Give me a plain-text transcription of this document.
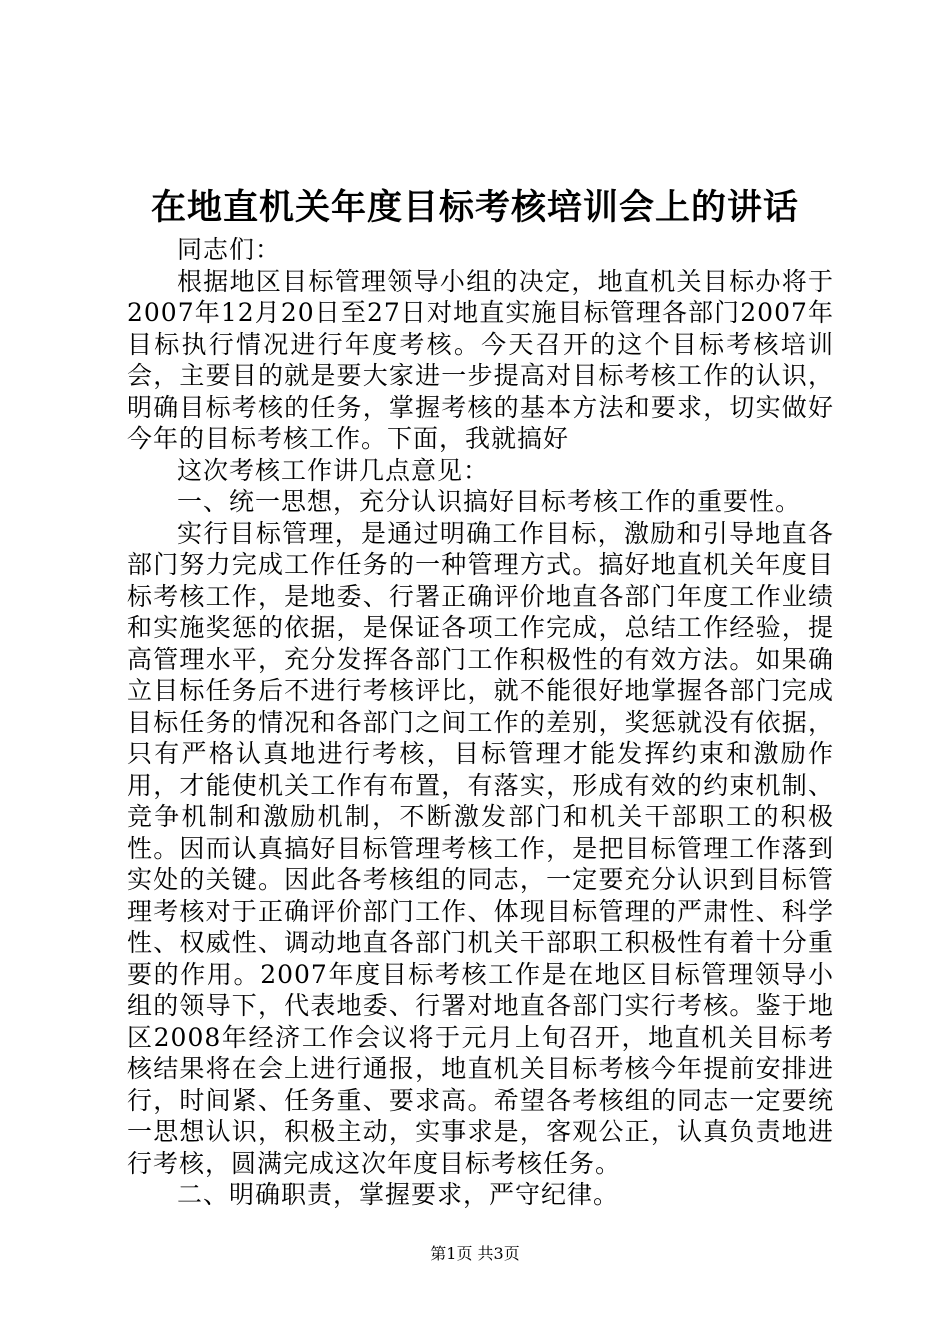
在地直机关年度目标考核培训会上的讲话

同志们：

根据地区目标管理领导小组的决定，地直机关目标办将于2007年12月20日至27日对地直实施目标管理各部门2007年目标执行情况进行年度考核。今天召开的这个目标考核培训会，主要目的就是要大家进一步提高对目标考核工作的认识，明确目标考核的任务，掌握考核的基本方法和要求，切实做好今年的目标考核工作。下面，我就搞好

这次考核工作讲几点意见：

一、统一思想，充分认识搞好目标考核工作的重要性。

实行目标管理，是通过明确工作目标，激励和引导地直各部门努力完成工作任务的一种管理方式。搞好地直机关年度目标考核工作，是地委、行署正确评价地直各部门年度工作业绩和实施奖惩的依据，是保证各项工作完成，总结工作经验，提高管理水平，充分发挥各部门工作积极性的有效方法。如果确立目标任务后不进行考核评比，就不能很好地掌握各部门完成目标任务的情况和各部门之间工作的差别，奖惩就没有依据，只有严格认真地进行考核，目标管理才能发挥约束和激励作用，才能使机关工作有布置，有落实，形成有效的约束机制、竞争机制和激励机制，不断激发部门和机关干部职工的积极性。因而认真搞好目标管理考核工作，是把目标管理工作落到实处的关键。因此各考核组的同志，一定要充分认识到目标管理考核对于正确评价部门工作、体现目标管理的严肃性、科学性、权威性、调动地直各部门机关干部职工积极性有着十分重要的作用。2007年度目标考核工作是在地区目标管理领导小组的领导下，代表地委、行署对地直各部门实行考核。鉴于地区2008年经济工作会议将于元月上旬召开，地直机关目标考核结果将在会上进行通报，地直机关目标考核今年提前安排进行，时间紧、任务重、要求高。希望各考核组的同志一定要统一思想认识，积极主动，实事求是，客观公正，认真负责地进行考核，圆满完成这次年度目标考核任务。

二、明确职责，掌握要求，严守纪律。

第1页 共3页
